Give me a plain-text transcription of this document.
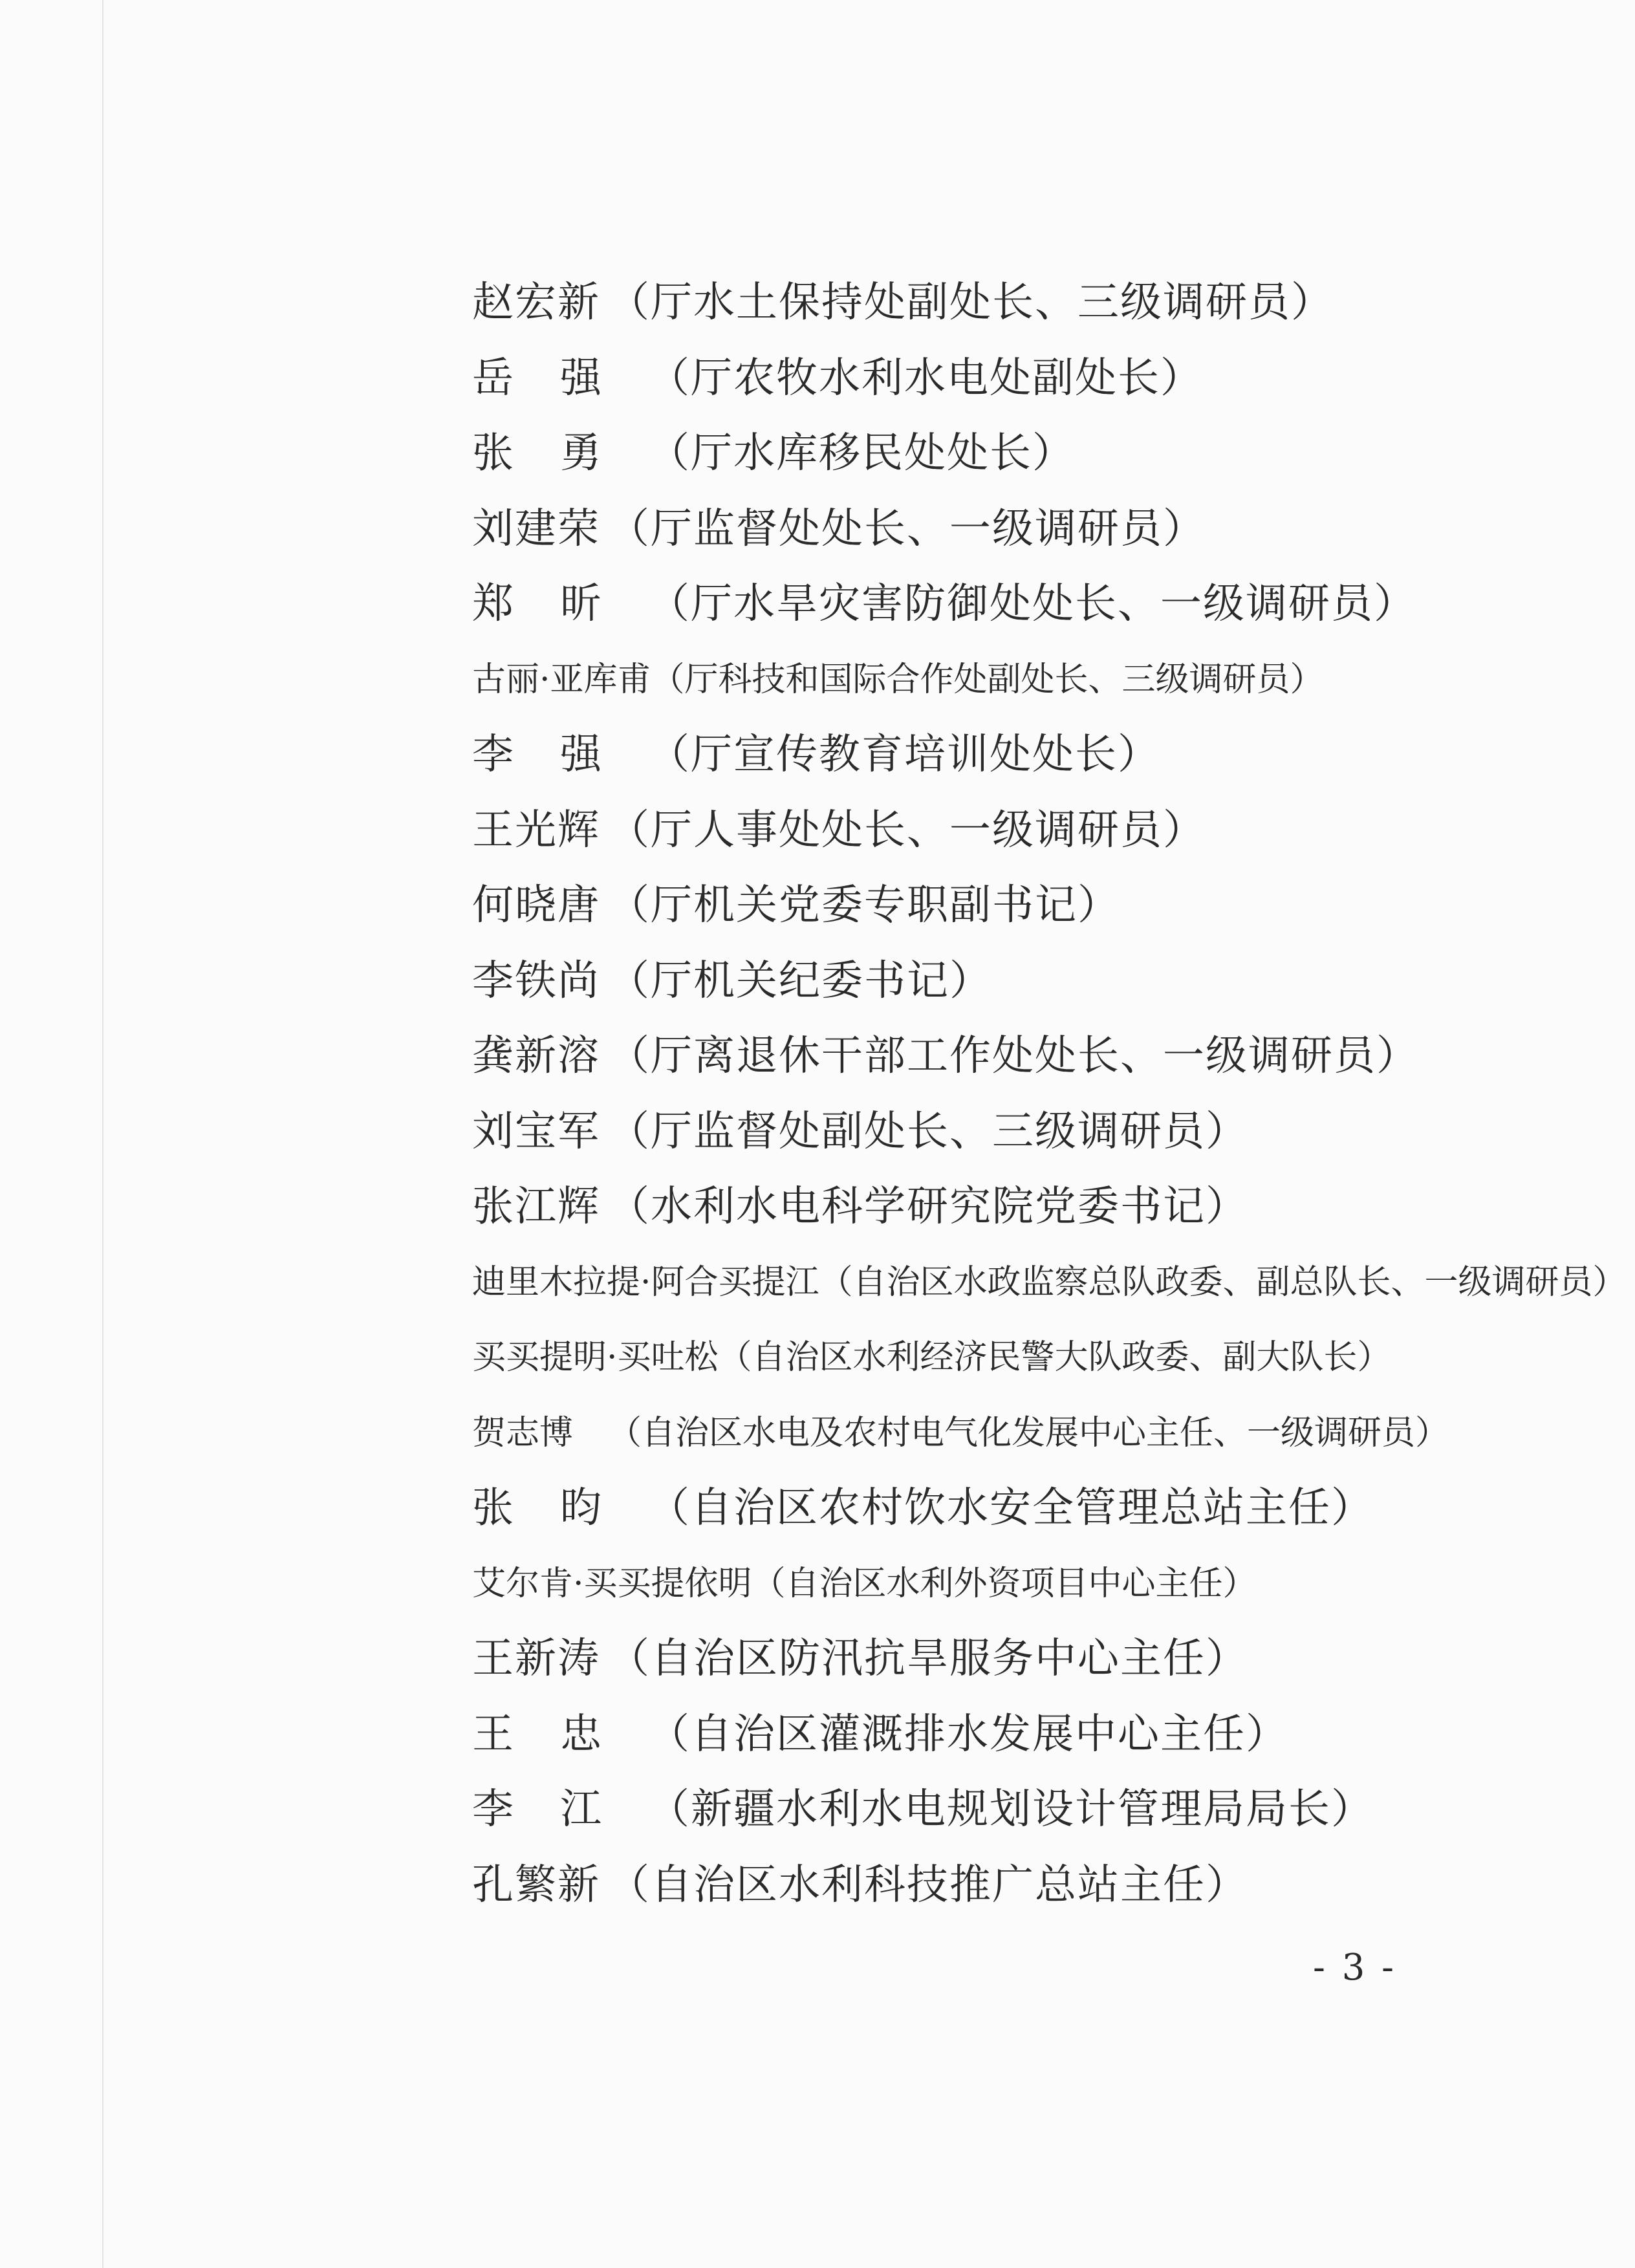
赵宏新 （厅水土保持处副处长、三级调研员）
岳强（厅农牧水利水电处副处长）
张勇（厅水库移民处处长）
刘建荣 （厅监督处处长、一级调研员）
郑昕（厅水旱灾害防御处处长、一级调研员）
古丽·亚库甫（厅科技和国际合作处副处长、三级调研员）
李强（厅宣传教育培训处处长）
王光辉 （厅人事处处长、一级调研员）
何晓唐 （厅机关党委专职副书记）
李铁尚 （厅机关纪委书记）
龚新溶 （厅离退休干部工作处处长、一级调研员）
刘宝军 （厅监督处副处长、三级调研员）
张江辉 （水利水电科学研究院党委书记）
迪里木拉提·阿合买提江（自治区水政监察总队政委、副总队长、一级调研员）
买买提明·买吐松（自治区水利经济民警大队政委、副大队长）
贺志博 （自治区水电及农村电气化发展中心主任、一级调研员）
张昀（自治区农村饮水安全管理总站主任）
艾尔肯·买买提依明（自治区水利外资项目中心主任）
王新涛 （自治区防汛抗旱服务中心主任）
王忠（自治区灌溉排水发展中心主任）
李江（新疆水利水电规划设计管理局局长）
孔繁新 （自治区水利科技推广总站主任）
- 3 -
